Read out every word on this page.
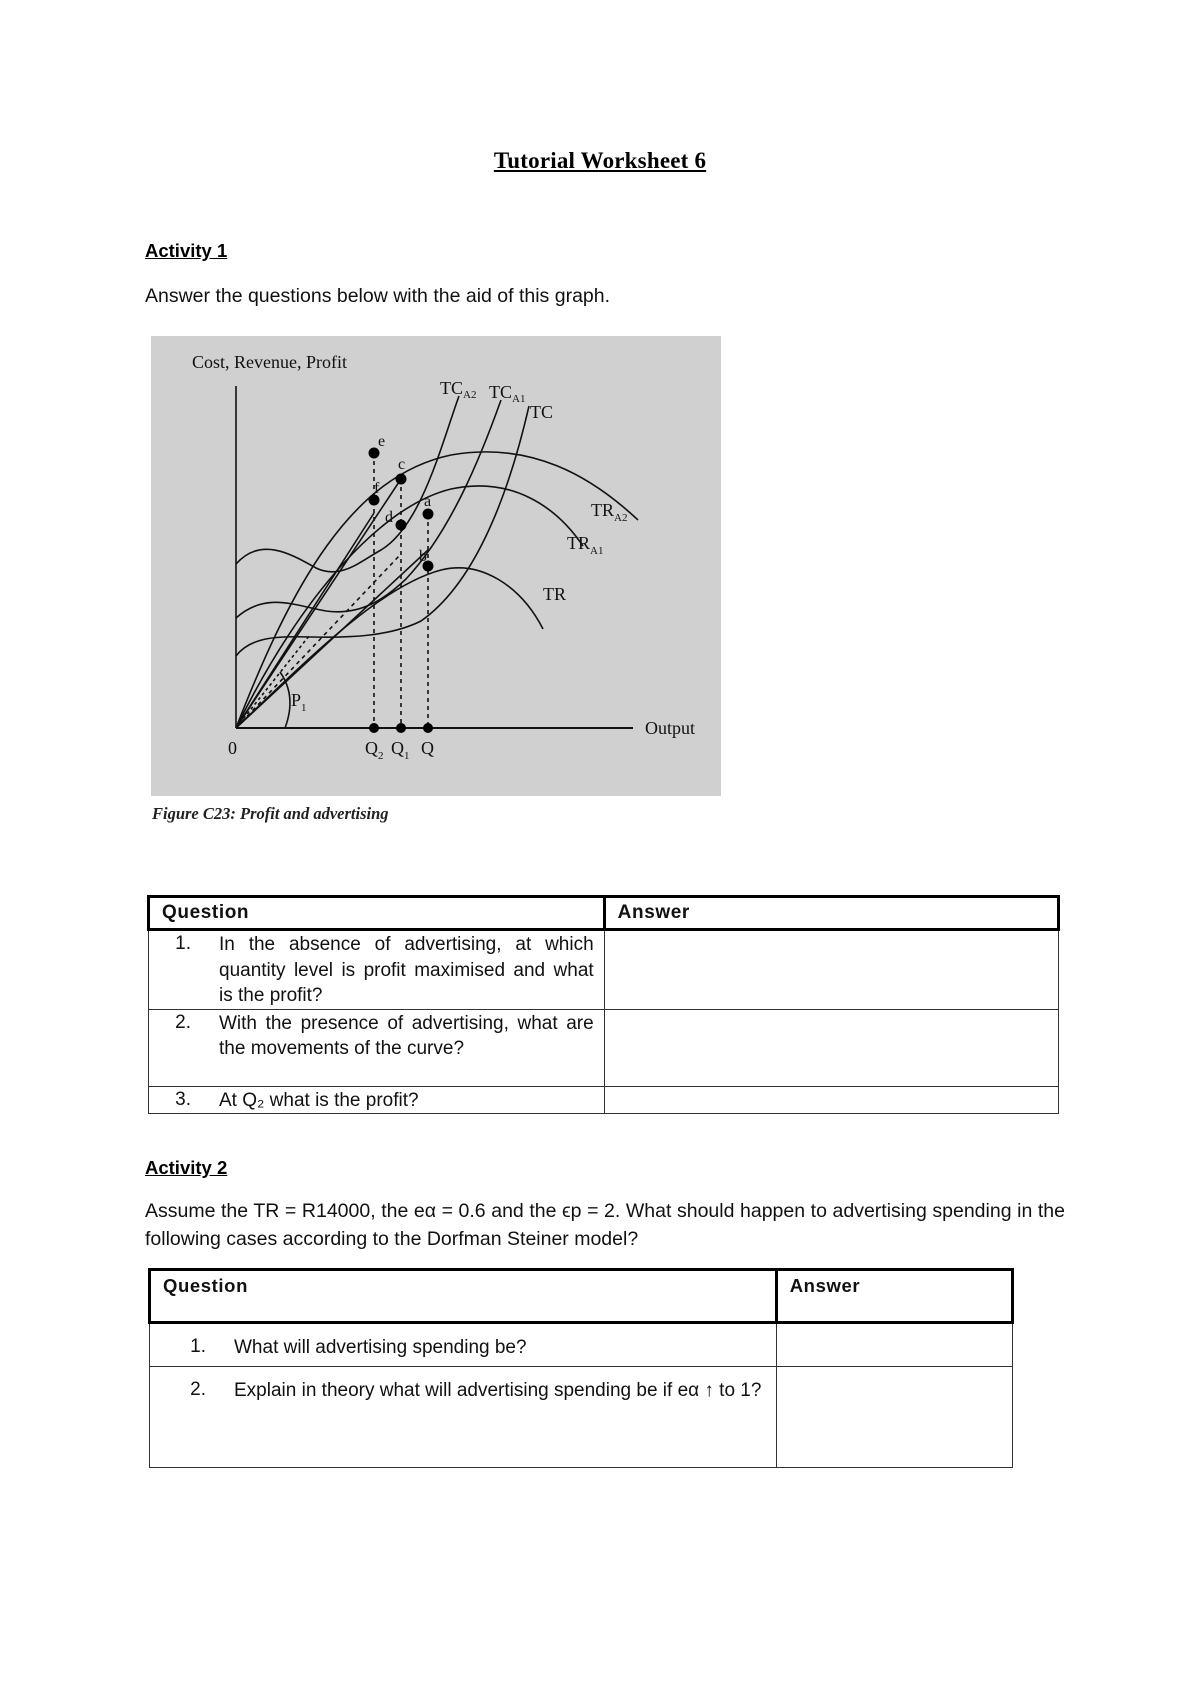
Tutorial Worksheet 6
Activity 1
Answer the questions below with the aid of this graph.
Cost, Revenue, Profit
Output
0
$TC_{A2}$ $TC_{A1}$
TC
$TR_{A2}$
$TR_{A1}$
TR
$P_1$
$Q_2$ $Q_1$ Q
e
c
f
d
a
b
Figure C23: Profit and advertising
Question	Answer

1. In the absence of advertising, at which quantity level is profit maximised and what is the profit?	

2. With the presence of advertising, what are the movements of the curve?	

3. At Q₂ what is the profit?	

Activity 2
Assume the TR = R14000, the eα = 0.6 and the ϵp = 2. What should happen to advertising spending in the following cases according to the Dorfman Steiner model?
Question	Answer

1. What will advertising spending be?	

2. Explain in theory what will advertising spending be if eα ↑ to 1?	
